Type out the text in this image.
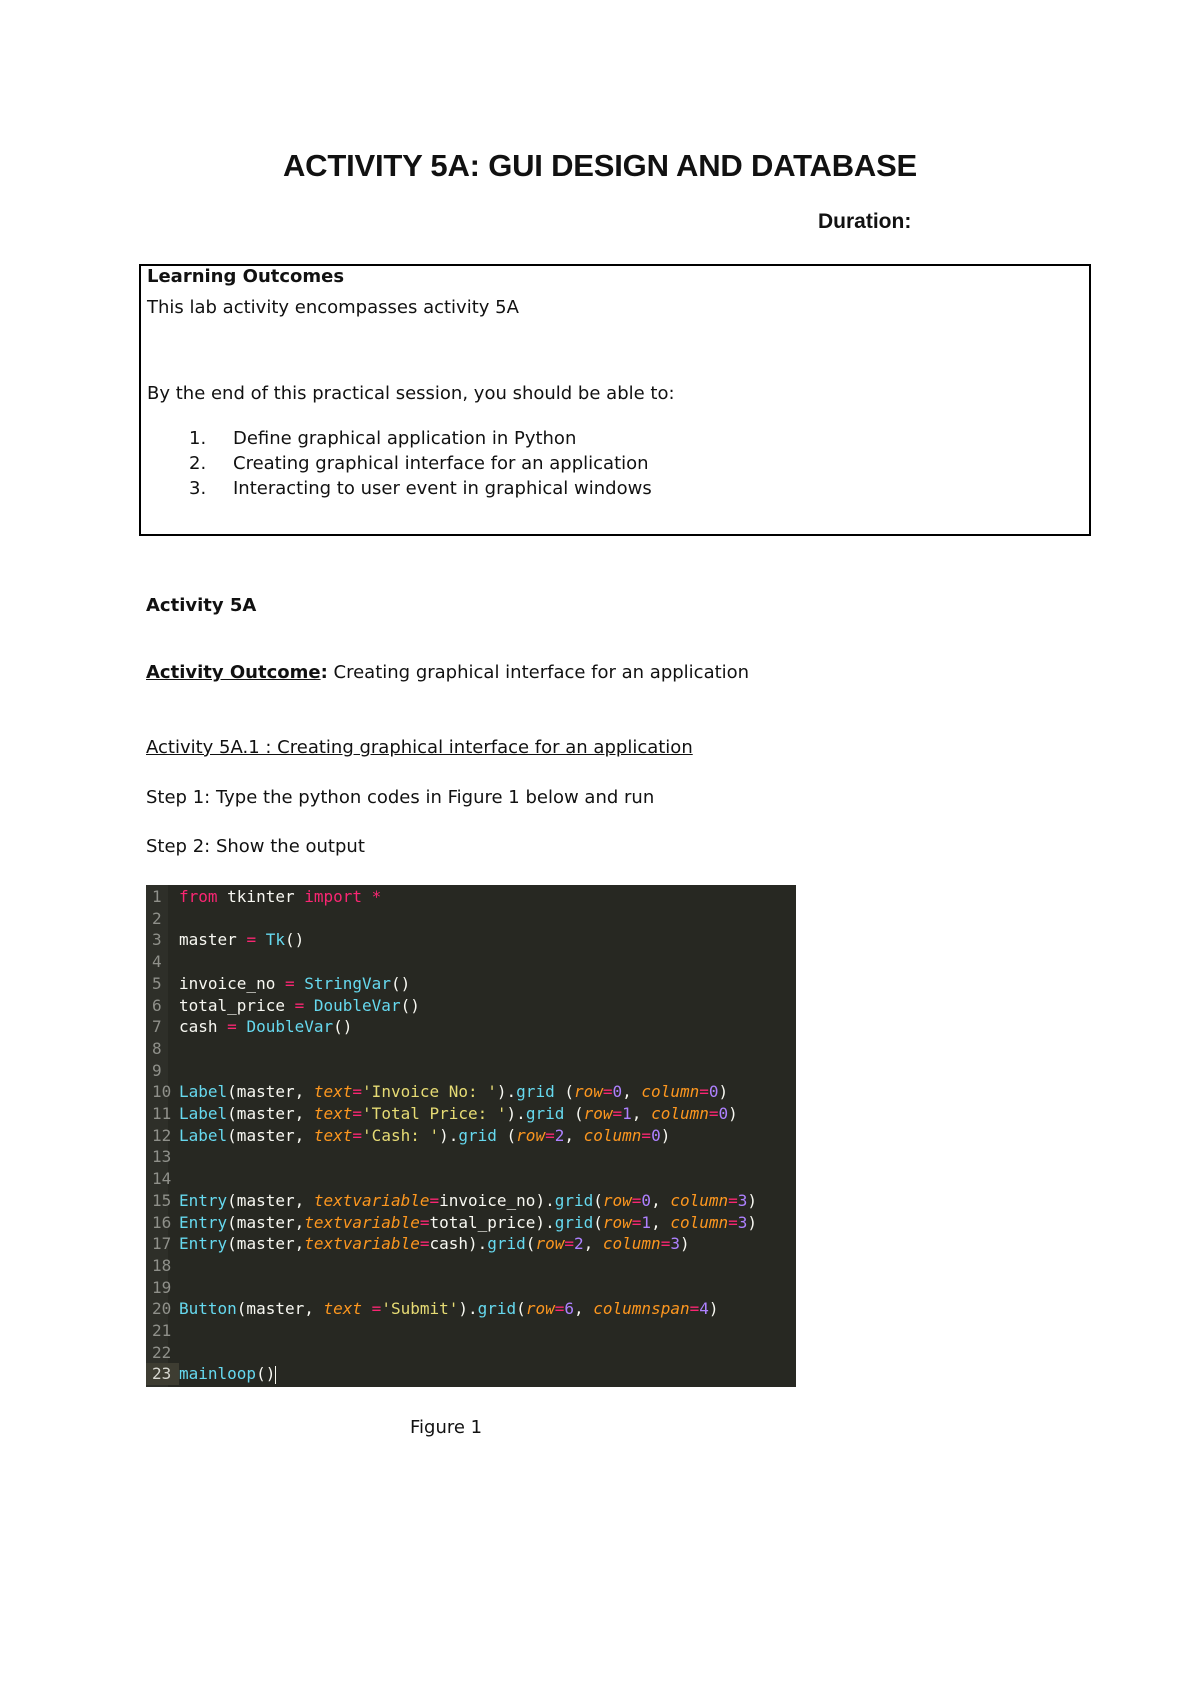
ACTIVITY 5A: GUI DESIGN AND DATABASE
Duration:
Learning Outcomes
This lab activity encompasses activity 5A
By the end of this practical session, you should be able to:
1. Define graphical application in Python
2. Creating graphical interface for an application
3. Interacting to user event in graphical windows
Activity 5A
Activity Outcome: Creating graphical interface for an application
Activity 5A.1 : Creating graphical interface for an application
Step 1: Type the python codes in Figure 1 below and run
Step 2: Show the output
1 from tkinter import *
2
3 master = Tk()
4
5 invoice_no = StringVar()
6 total_price = DoubleVar()
7 cash = DoubleVar()
8
9
10 Label(master, text='Invoice No: ').grid (row=0, column=0)
11 Label(master, text='Total Price: ').grid (row=1, column=0)
12 Label(master, text='Cash: ').grid (row=2, column=0)
13
14
15 Entry(master, textvariable=invoice_no).grid(row=0, column=3)
16 Entry(master,textvariable=total_price).grid(row=1, column=3)
17 Entry(master,textvariable=cash).grid(row=2, column=3)
18
19
20 Button(master, text ='Submit').grid(row=6, columnspan=4)
21
22
23 mainloop()
Figure 1
